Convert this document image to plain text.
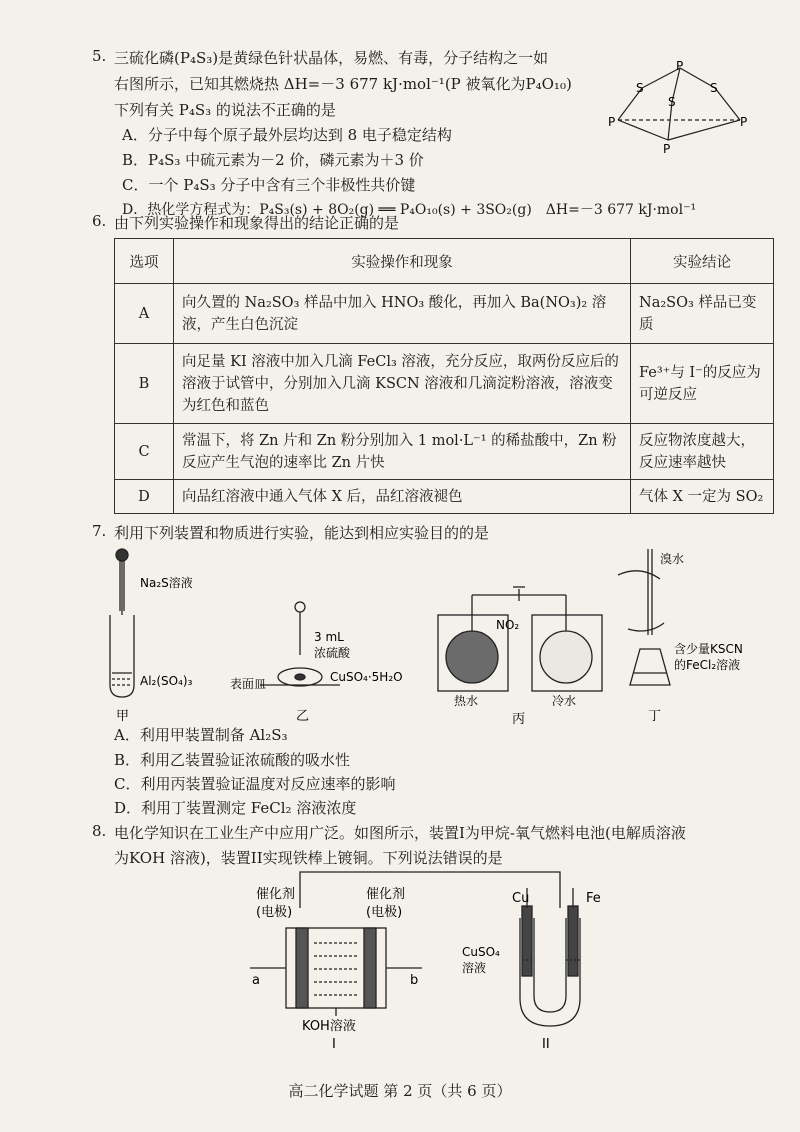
5. 三硫化磷(P₄S₃)是黄绿色针状晶体，易燃、有毒，分子结构之一如
右图所示，已知其燃烧热 ΔH=－3 677 kJ·mol⁻¹(P 被氧化为P₄O₁₀)
下列有关 P₄S₃ 的说法不正确的是
A．分子中每个原子最外层均达到 8 电子稳定结构
B．P₄S₃ 中硫元素为－2 价，磷元素为＋3 价
C．一个 P₄S₃ 分子中含有三个非极性共价键
D．热化学方程式为：P₄S₃(s) + 8O₂(g) ══ P₄O₁₀(s) + 3SO₂(g)　ΔH=－3 677 kJ·mol⁻¹
P
S	S
S
P	P
P
6. 由下列实验操作和现象得出的结论正确的是
选项	实验操作和现象	实验结论
A	向久置的 Na₂SO₃ 样品中加入 HNO₃ 酸化，再加入 Ba(NO₃)₂ 溶液，产生白色沉淀	Na₂SO₃ 样品已变质
B	向足量 KI 溶液中加入几滴 FeCl₃ 溶液，充分反应，取两份反应后的溶液于试管中，分别加入几滴 KSCN 溶液和几滴淀粉溶液，溶液变为红色和蓝色	Fe³⁺与 I⁻的反应为可逆反应
C	常温下，将 Zn 片和 Zn 粉分别加入 1 mol·L⁻¹ 的稀盐酸中，Zn 粉反应产生气泡的速率比 Zn 片快	反应物浓度越大，反应速率越快
D	向品红溶液中通入气体 X 后，品红溶液褪色	气体 X 一定为 SO₂
7. 利用下列装置和物质进行实验，能达到相应实验目的的是
Na₂S溶液
Al₂(SO₄)₃
甲
3 mL
浓硫酸
表面皿	CuSO₄·5H₂O
乙
NO₂
热水	冷水
丙
溴水
含少量KSCN
的FeCl₂溶液
丁
A．利用甲装置制备 Al₂S₃
B．利用乙装置验证浓硫酸的吸水性
C．利用丙装置验证温度对反应速率的影响
D．利用丁装置测定 FeCl₂ 溶液浓度
8. 电化学知识在工业生产中应用广泛。如图所示，装置I为甲烷-氧气燃料电池(电解质溶液
为KOH 溶液)，装置II实现铁棒上镀铜。下列说法错误的是
催化剂
(电极)
催化剂
(电极)
a	b
KOH溶液
I
Cu	Fe
CuSO₄
溶液
II
高二化学试题 第 2 页（共 6 页）
